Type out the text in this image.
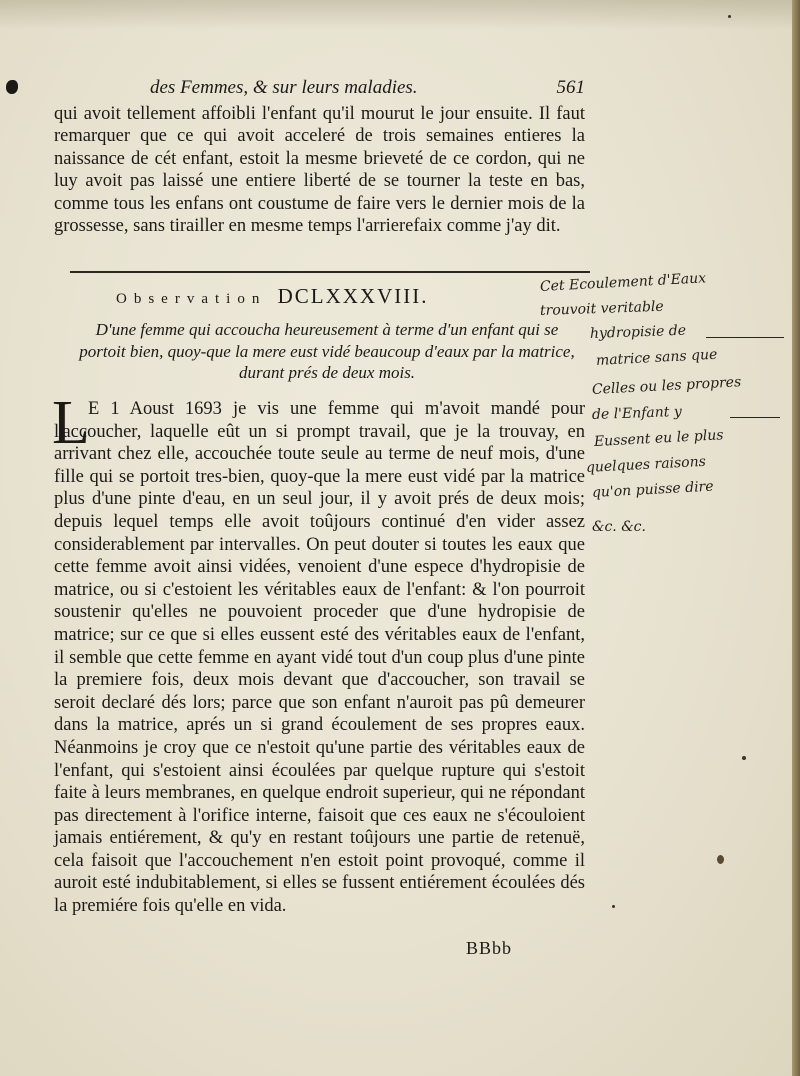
des Femmes, & sur leurs maladies.	561
qui avoit tellement affoibli l'enfant qu'il mourut le jour ensuite. Il faut remarquer que ce qui avoit acceleré de trois semaines entieres la naissance de cét enfant, estoit la mesme brieveté de ce cordon, qui ne luy avoit pas laissé une entiere liberté de se tourner la teste en bas, comme tous les enfans ont coustume de faire vers le dernier mois de la grossesse, sans tirailler en mesme temps l'arrierefaix comme j'ay dit.
Observation DCLXXXVIII.
D'une femme qui accoucha heureusement à terme d'un enfant qui se portoit bien, quoy-que la mere eust vidé beaucoup d'eaux par la matrice, durant prés de deux mois.
L
E 1 Aoust 1693 je vis une femme qui m'avoit mandé pour l'accoucher, laquelle eût un si prompt travail, que je la trouvay, en arrivant chez elle, accouchée toute seule au terme de neuf mois, d'une fille qui se portoit tres-bien, quoy-que la mere eust vidé par la matrice plus d'une pinte d'eau, en un seul jour, il y avoit prés de deux mois; depuis lequel temps elle avoit toûjours continué d'en vider assez considerablement par intervalles. On peut douter si toutes les eaux que cette femme avoit ainsi vidées, venoient d'une espece d'hydropisie de matrice, ou si c'estoient les véritables eaux de l'enfant: & l'on pourroit soustenir qu'elles ne pouvoient proceder que d'une hydropisie de matrice; sur ce que si elles eussent esté des véritables eaux de l'enfant, il semble que cette femme en ayant vidé tout d'un coup plus d'une pinte la premiere fois, deux mois devant que d'accoucher, son travail se seroit declaré dés lors; parce que son enfant n'auroit pas pû demeurer dans la matrice, aprés un si grand écoulement de ses propres eaux. Néanmoins je croy que ce n'estoit qu'une partie des véritables eaux de l'enfant, qui s'estoient ainsi écoulées par quelque rupture qui s'estoit faite à leurs membranes, en quelque endroit superieur, qui ne répondant pas directement à l'orifice interne, faisoit que ces eaux ne s'écouloient jamais entiérement, & qu'y en restant toûjours une partie de retenuë, cela faisoit que l'accouchement n'en estoit point provoqué, comme il auroit esté indubitablement, si elles se fussent entiérement écoulées dés la premiére fois qu'elle en vida.
BBbb
Cet Ecoulement d'Eaux
trouvoit veritable
hydropisie de
matrice sans que
Celles ou les propres
de l'Enfant y
Eussent eu le plus
quelques raisons
qu'on puisse dire
&c. &c.
